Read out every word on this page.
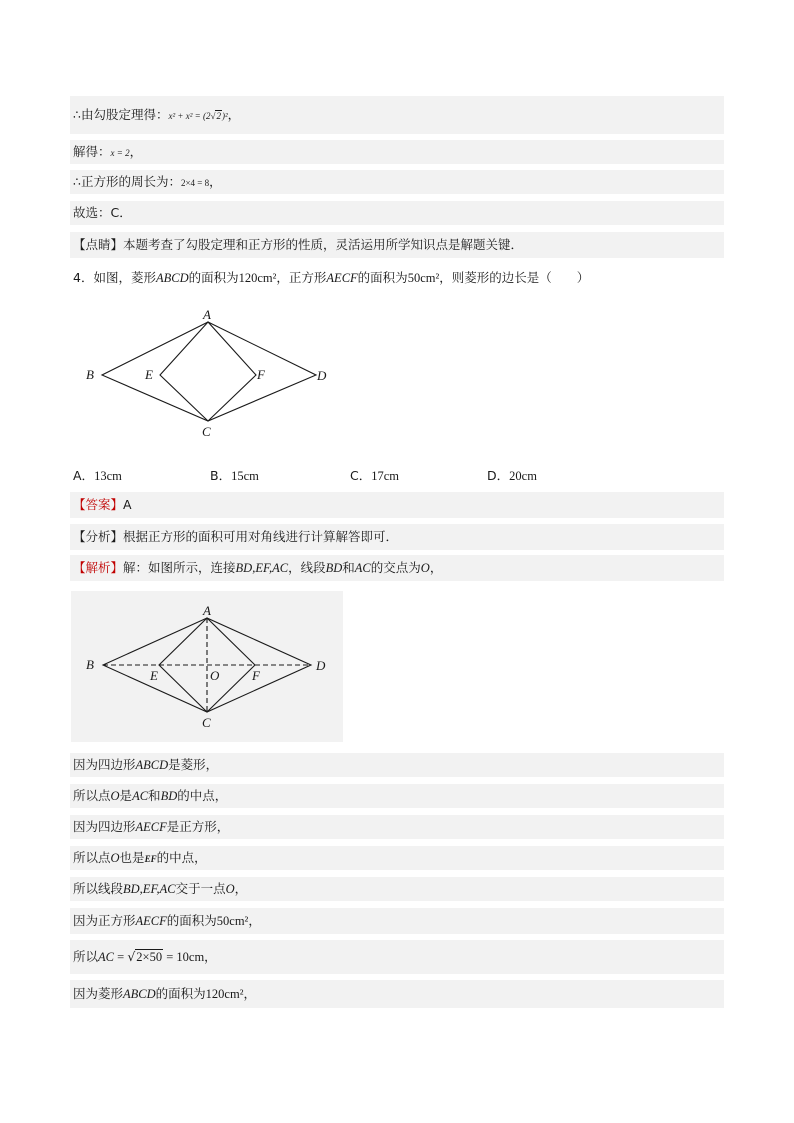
∴由勾股定理得：x² + x² = (2√2)²，
解得：x = 2，
∴正方形的周长为：2×4 = 8，
故选：C．
【点睛】本题考查了勾股定理和正方形的性质，灵活运用所学知识点是解题关键．
4．如图，菱形ABCD的面积为120cm²，正方形AECF的面积为50cm²，则菱形的边长是（　　）
A
B
C
D
E	F
A．13cm	B．15cm	C．17cm	D．20cm
【答案】A
【分析】根据正方形的面积可用对角线进行计算解答即可．
【解析】解：如图所示，连接BD,EF,AC，线段BD和AC的交点为O，
A
B
C
D
E	F
O
因为四边形ABCD是菱形，
所以点O是AC和BD的中点，
因为四边形AECF是正方形，
所以点O也是EF的中点，
所以线段BD,EF,AC交于一点O，
因为正方形AECF的面积为50cm²，
所以AC = √2×50 = 10cm，
因为菱形ABCD的面积为120cm²，
